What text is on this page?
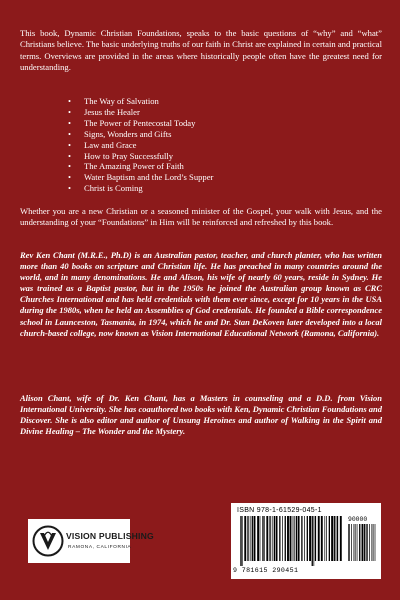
This book, Dynamic Christian Foundations, speaks to the basic questions of “why” and “what” Christians believe. The basic underlying truths of our faith in Christ are explained in certain and practical terms. Overviews are provided in the areas where historically people often have the greatest need for understanding.
• The Way of Salvation
• Jesus the Healer
• The Power of Pentecostal Today
• Signs, Wonders and Gifts
• Law and Grace
• How to Pray Successfully
• The Amazing Power of Faith
• Water Baptism and the Lord’s Supper
• Christ is Coming
Whether you are a new Christian or a seasoned minister of the Gospel, your walk with Jesus, and the understanding of your “Foundations” in Him will be reinforced and refreshed by this book.
Rev Ken Chant (M.R.E., Ph.D) is an Australian pastor, teacher, and church planter, who has written more than 40 books on scripture and Christian life. He has preached in many countries around the world, and in many denominations. He and Alison, his wife of nearly 60 years, reside in Sydney. He was trained as a Baptist pastor, but in the 1950s he joined the Australian group known as CRC Churches International and has held credentials with them ever since, except for 10 years in the USA during the 1980s, when he held an Assemblies of God credentials. He founded a Bible correspondence school in Launceston, Tasmania, in 1974, which he and Dr. Stan DeKoven later developed into a local church-based college, now known as Vision International Educational Network (Ramona, California).
Alison Chant, wife of Dr. Ken Chant, has a Masters in counseling and a D.D. from Vision International University. She has coauthored two books with Ken, Dynamic Christian Foundations and Discover. She is also editor and author of Unsung Heroines and author of Walking in the Spirit and Divine Healing – The Wonder and the Mystery.
VISION PUBLISHING
RAMONA, CALIFORNIA
ISBN 978-1-61529-045-1
90000
9 781615 290451
